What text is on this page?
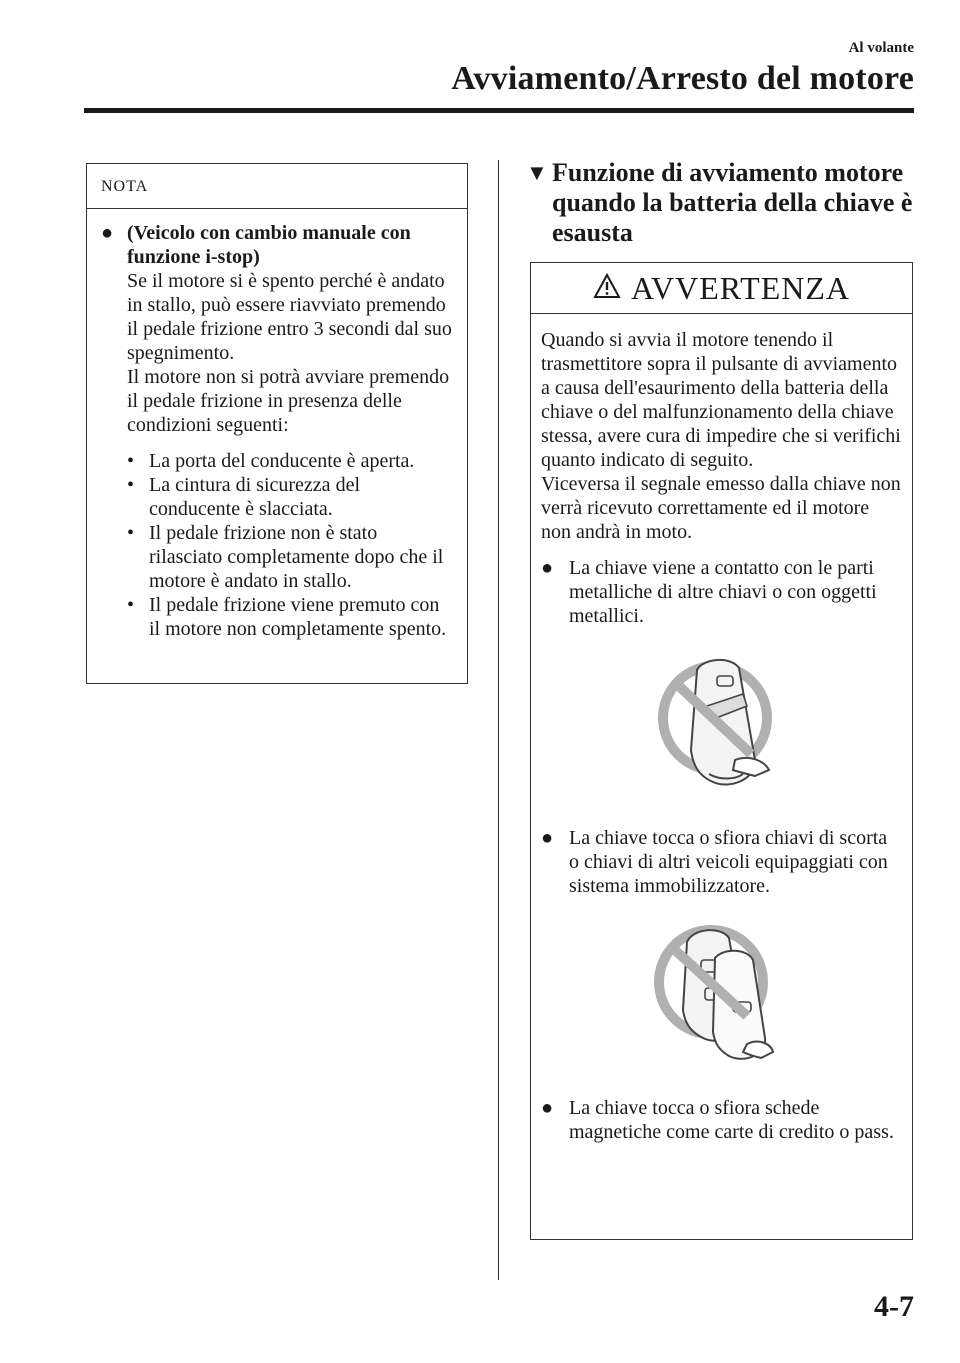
Al volante
Avviamento/Arresto del motore
NOTA
● (Veicolo con cambio manuale con funzione i-stop)
Se il motore si è spento perché è andato in stallo, può essere riavviato premendo il pedale frizione entro 3 secondi dal suo spegnimento.
Il motore non si potrà avviare premendo il pedale frizione in presenza delle condizioni seguenti:
• La porta del conducente è aperta.
• La cintura di sicurezza del conducente è slacciata.
• Il pedale frizione non è stato rilasciato completamente dopo che il motore è andato in stallo.
• Il pedale frizione viene premuto con il motore non completamente spento.
▼ Funzione di avviamento motore quando la batteria della chiave è esausta
AVVERTENZA
Quando si avvia il motore tenendo il trasmettitore sopra il pulsante di avviamento a causa dell'esaurimento della batteria della chiave o del malfunzionamento della chiave stessa, avere cura di impedire che si verifichi quanto indicato di seguito.
Viceversa il segnale emesso dalla chiave non verrà ricevuto correttamente ed il motore non andrà in moto.
● La chiave viene a contatto con le parti metalliche di altre chiavi o con oggetti metallici.
● La chiave tocca o sfiora chiavi di scorta o chiavi di altri veicoli equipaggiati con sistema immobilizzatore.
● La chiave tocca o sfiora schede magnetiche come carte di credito o pass.
4-7
